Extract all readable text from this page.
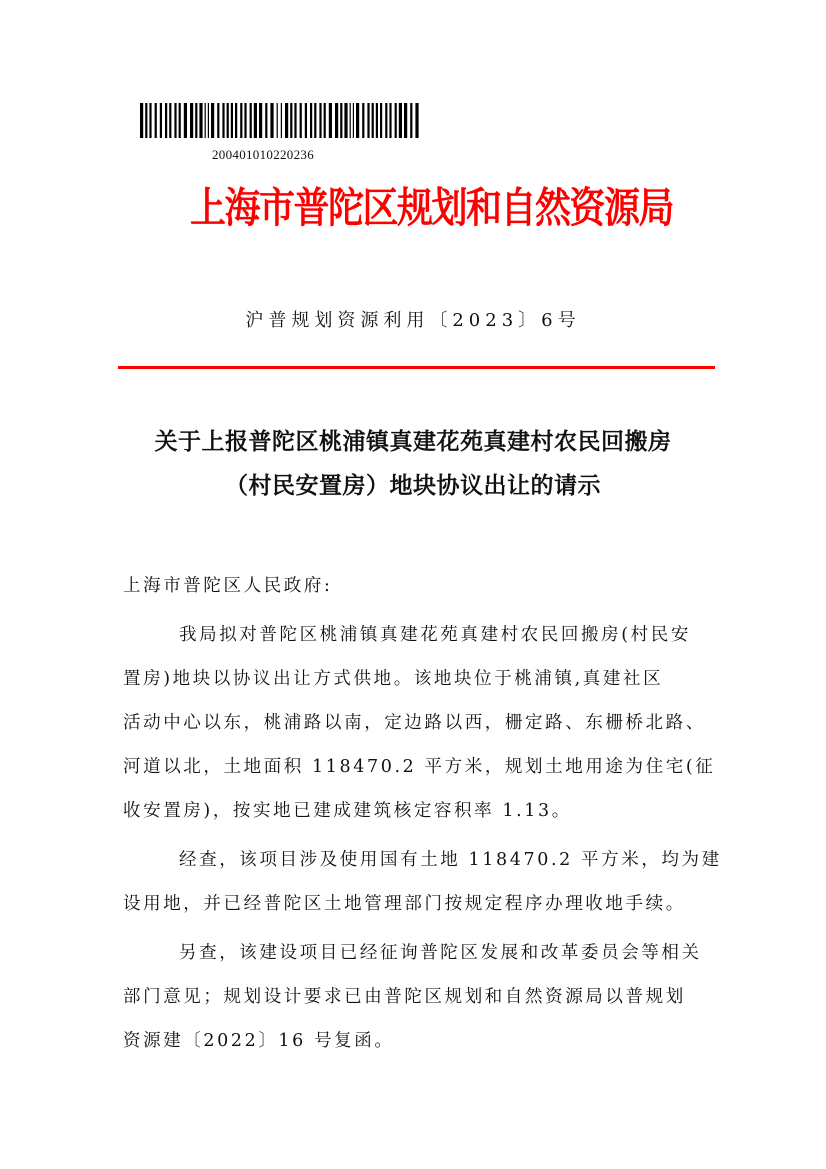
200401010220236
上海市普陀区规划和自然资源局
沪普规划资源利用〔2023〕6号
关于上报普陀区桃浦镇真建花苑真建村农民回搬房
（村民安置房）地块协议出让的请示
上海市普陀区人民政府:
我局拟对普陀区桃浦镇真建花苑真建村农民回搬房(村民安
置房)地块以协议出让方式供地。该地块位于桃浦镇,真建社区
活动中心以东，桃浦路以南，定边路以西，栅定路、东栅桥北路、
河道以北，土地面积 118470.2 平方米，规划土地用途为住宅(征
收安置房)，按实地已建成建筑核定容积率 1.13。
经查，该项目涉及使用国有土地 118470.2 平方米，均为建
设用地，并已经普陀区土地管理部门按规定程序办理收地手续。
另查，该建设项目已经征询普陀区发展和改革委员会等相关
部门意见；规划设计要求已由普陀区规划和自然资源局以普规划
资源建〔2022〕16 号复函。
